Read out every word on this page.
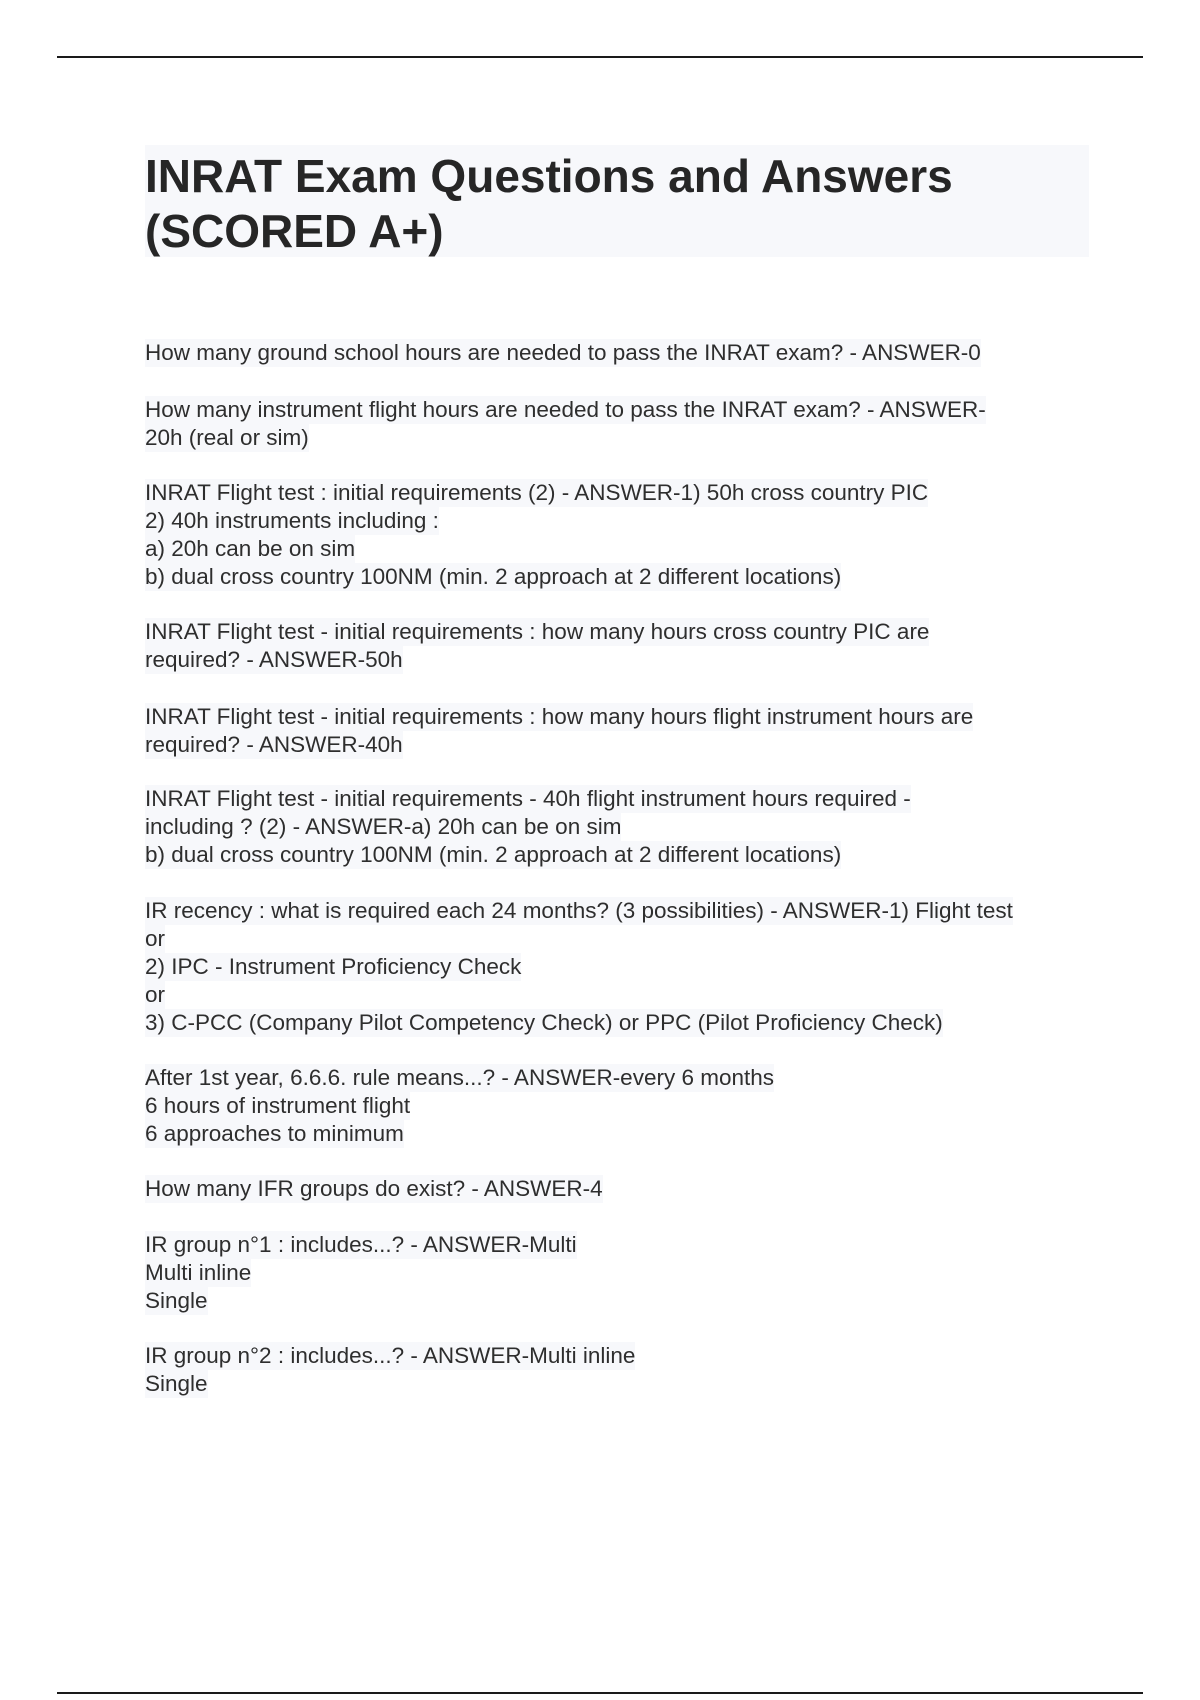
INRAT Exam Questions and Answers
(SCORED A+)
How many ground school hours are needed to pass the INRAT exam? - ANSWER-0
How many instrument flight hours are needed to pass the INRAT exam? - ANSWER-
20h (real or sim)
INRAT Flight test : initial requirements (2) - ANSWER-1) 50h cross country PIC
2) 40h instruments including :
a) 20h can be on sim
b) dual cross country 100NM (min. 2 approach at 2 different locations)
INRAT Flight test - initial requirements : how many hours cross country PIC are
required? - ANSWER-50h
INRAT Flight test - initial requirements : how many hours flight instrument hours are
required? - ANSWER-40h
INRAT Flight test - initial requirements - 40h flight instrument hours required -
including ? (2) - ANSWER-a) 20h can be on sim
b) dual cross country 100NM (min. 2 approach at 2 different locations)
IR recency : what is required each 24 months? (3 possibilities) - ANSWER-1) Flight test
or
2) IPC - Instrument Proficiency Check
or
3) C-PCC (Company Pilot Competency Check) or PPC (Pilot Proficiency Check)
After 1st year, 6.6.6. rule means...? - ANSWER-every 6 months
6 hours of instrument flight
6 approaches to minimum
How many IFR groups do exist? - ANSWER-4
IR group n°1 : includes...? - ANSWER-Multi
Multi inline
Single
IR group n°2 : includes...? - ANSWER-Multi inline
Single
